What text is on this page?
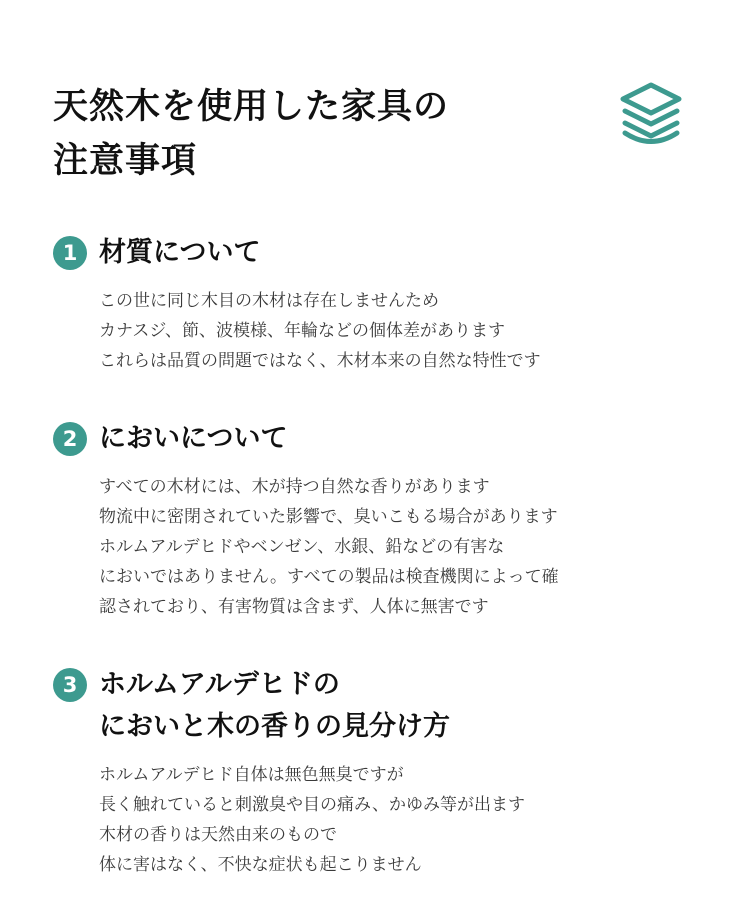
天然木を使用した家具の
注意事項
1 材質について
この世に同じ木目の木材は存在しませんため
カナスジ、節、波模様、年輪などの個体差があります
これらは品質の問題ではなく、木材本来の自然な特性です
2 においについて
すべての木材には、木が持つ自然な香りがあります
物流中に密閉されていた影響で、臭いこもる場合があります
ホルムアルデヒドやベンゼン、水銀、鉛などの有害な
においではありません。すべての製品は検査機関によって確
認されており、有害物質は含まず、人体に無害です
3 ホルムアルデヒドの
においと木の香りの見分け方
ホルムアルデヒド自体は無色無臭ですが
長く触れていると刺激臭や目の痛み、かゆみ等が出ます
木材の香りは天然由来のもので
体に害はなく、不快な症状も起こりません
